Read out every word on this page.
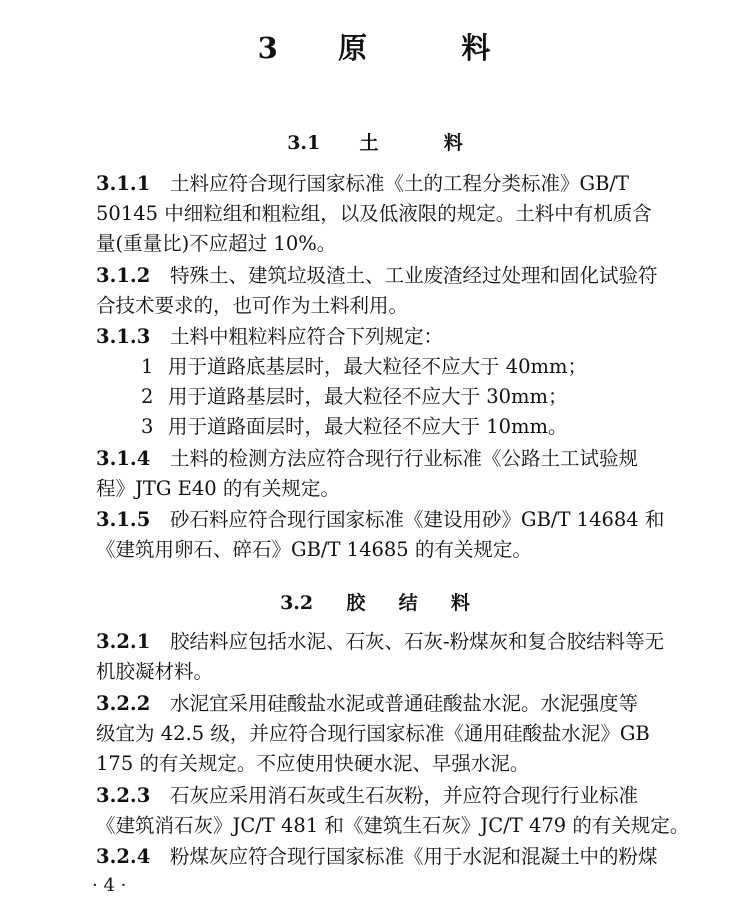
3 原	料
3.1 土	料
3.1.1 土料应符合现行国家标准《土的工程分类标准》GB/T
50145 中细粒组和粗粒组，以及低液限的规定。土料中有机质含
量(重量比)不应超过 10%。
3.1.2 特殊土、建筑垃圾渣土、工业废渣经过处理和固化试验符
合技术要求的，也可作为土料利用。
3.1.3 土料中粗粒料应符合下列规定：
1 用于道路底基层时，最大粒径不应大于 40mm；
2 用于道路基层时，最大粒径不应大于 30mm；
3 用于道路面层时，最大粒径不应大于 10mm。
3.1.4 土料的检测方法应符合现行行业标准《公路土工试验规
程》JTG E40 的有关规定。
3.1.5 砂石料应符合现行国家标准《建设用砂》GB/T 14684 和
《建筑用卵石、碎石》GB/T 14685 的有关规定。
3.2 胶 结 料
3.2.1 胶结料应包括水泥、石灰、石灰-粉煤灰和复合胶结料等无
机胶凝材料。
3.2.2 水泥宜采用硅酸盐水泥或普通硅酸盐水泥。水泥强度等
级宜为 42.5 级，并应符合现行国家标准《通用硅酸盐水泥》GB
175 的有关规定。不应使用快硬水泥、早强水泥。
3.2.3 石灰应采用消石灰或生石灰粉，并应符合现行行业标准
《建筑消石灰》JC/T 481 和《建筑生石灰》JC/T 479 的有关规定。
3.2.4 粉煤灰应符合现行国家标准《用于水泥和混凝土中的粉煤
· 4 ·
